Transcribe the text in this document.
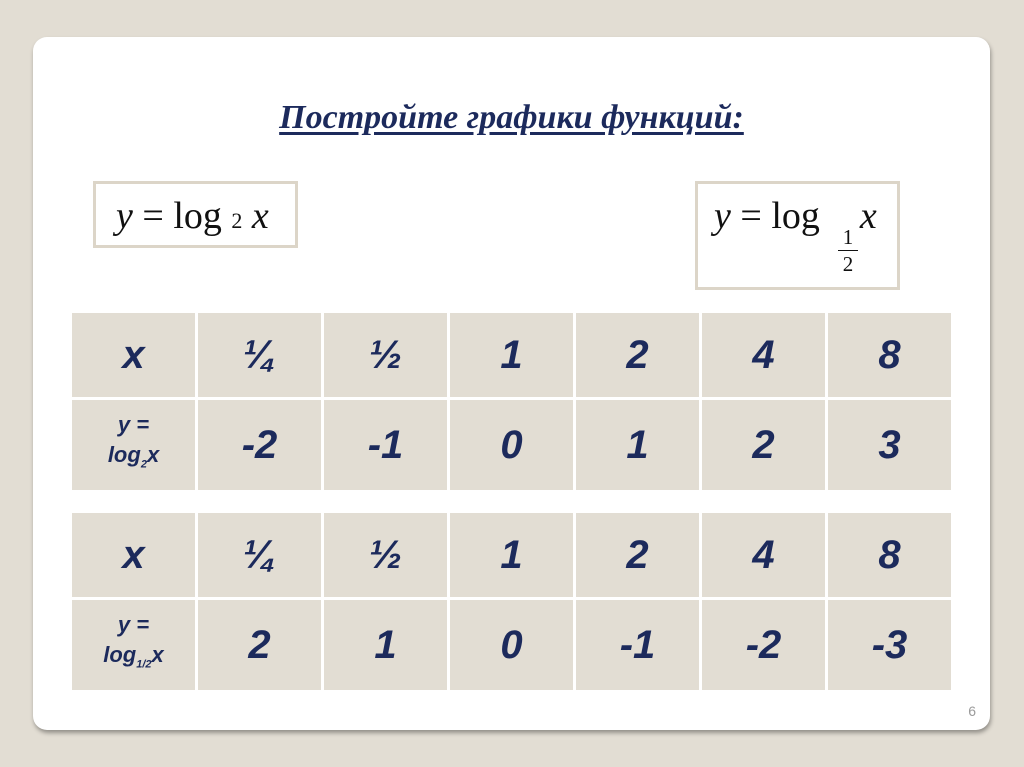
Постройте графики функций:
y = log 2 x	y = log x
1
2
x	¼	½	1	2	4	8
y =
$\log_2x$	-2	-1	0	1	2	3
x	¼	½	1	2	4	8
y =
$\log_{1/2}x$	2	1	0	-1	-2	-3
6
